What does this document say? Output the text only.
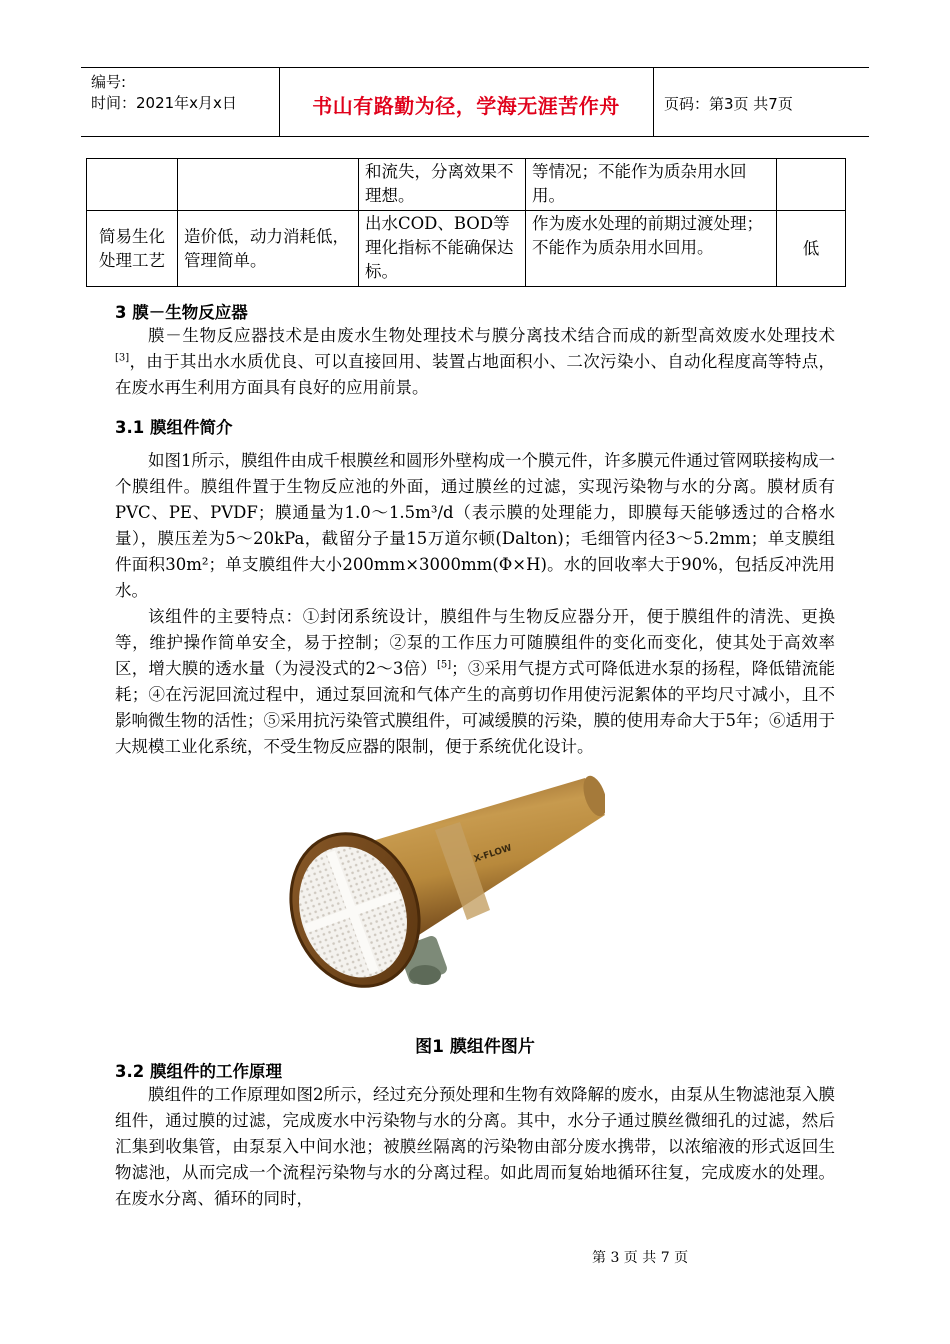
编号:
时间：2021年x月x日	书山有路勤为径，学海无涯苦作舟	页码：第3页 共7页
		和流失，分离效果不理想。	等情况；不能作为质杂用水回用。	
简易生化处理工艺	造价低，动力消耗低，管理简单。	出水COD、BOD等理化指标不能确保达标。	作为废水处理的前期过渡处理；不能作为质杂用水回用。	低
3 膜－生物反应器

膜－生物反应器技术是由废水生物处理技术与膜分离技术结合而成的新型高效废水处理技术[3]，由于其出水水质优良、可以直接回用、装置占地面积小、二次污染小、自动化程度高等特点，在废水再生利用方面具有良好的应用前景。

3.1 膜组件简介

如图1所示，膜组件由成千根膜丝和圆形外壁构成一个膜元件，许多膜元件通过管网联接构成一个膜组件。膜组件置于生物反应池的外面，通过膜丝的过滤，实现污染物与水的分离。膜材质有PVC、PE、PVDF；膜通量为1.0～1.5m³/d（表示膜的处理能力，即膜每天能够透过的合格水量），膜压差为5～20kPa，截留分子量15万道尔顿(Dalton)；毛细管内径3～5.2mm；单支膜组件面积30m²；单支膜组件大小200mm×3000mm(Φ×H)。水的回收率大于90%，包括反冲洗用水。

该组件的主要特点：①封闭系统设计，膜组件与生物反应器分开，便于膜组件的清洗、更换等，维护操作简单安全，易于控制；②泵的工作压力可随膜组件的变化而变化，使其处于高效率区，增大膜的透水量（为浸没式的2～3倍）[5]；③采用气提方式可降低进水泵的扬程，降低错流能耗；④在污泥回流过程中，通过泵回流和气体产生的高剪切作用使污泥絮体的平均尺寸减小，且不影响微生物的活性；⑤采用抗污染管式膜组件，可减缓膜的污染，膜的使用寿命大于5年；⑥适用于大规模工业化系统，不受生物反应器的限制，便于系统优化设计。

X-FLOW
图1 膜组件图片
3.2 膜组件的工作原理

膜组件的工作原理如图2所示，经过充分预处理和生物有效降解的废水，由泵从生物滤池泵入膜组件，通过膜的过滤，完成废水中污染物与水的分离。其中，水分子通过膜丝微细孔的过滤，然后汇集到收集管，由泵泵入中间水池；被膜丝隔离的污染物由部分废水携带，以浓缩液的形式返回生物滤池，从而完成一个流程污染物与水的分离过程。如此周而复始地循环往复，完成废水的处理。在废水分离、循环的同时，

第 3 页 共 7 页
